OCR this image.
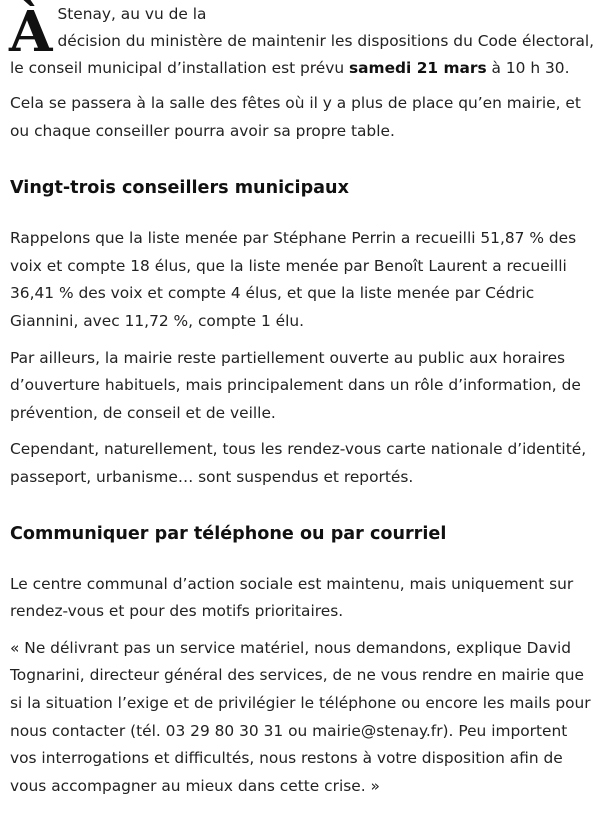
À Stenay, au vu de la
décision du ministère de maintenir les dispositions du Code électoral,
le conseil municipal d’installation est prévu samedi 21 mars à 10 h 30.

Cela se passera à la salle des fêtes où il y a plus de place qu’en mairie, et ou chaque conseiller pourra avoir sa propre table.

Vingt-trois conseillers municipaux

Rappelons que la liste menée par Stéphane Perrin a recueilli 51,87 % des voix et compte 18 élus, que la liste menée par Benoît Laurent a recueilli 36,41 % des voix et compte 4 élus, et que la liste menée par Cédric Giannini, avec 11,72 %, compte 1 élu.

Par ailleurs, la mairie reste partiellement ouverte au public aux horaires d’ouverture habituels, mais principalement dans un rôle d’information, de prévention, de conseil et de veille.

Cependant, naturellement, tous les rendez-vous carte nationale d’identité, passeport, urbanisme… sont suspendus et reportés.

Communiquer par téléphone ou par courriel

Le centre communal d’action sociale est maintenu, mais uniquement sur rendez-vous et pour des motifs prioritaires.

« Ne délivrant pas un service matériel, nous demandons, explique David Tognarini, directeur général des services, de ne vous rendre en mairie que si la situation l’exige et de privilégier le téléphone ou encore les mails pour nous contacter (tél. 03 29 80 30 31 ou mairie@stenay.fr). Peu importent vos interrogations et difficultés, nous restons à votre disposition afin de vous accompagner au mieux dans cette crise. »
